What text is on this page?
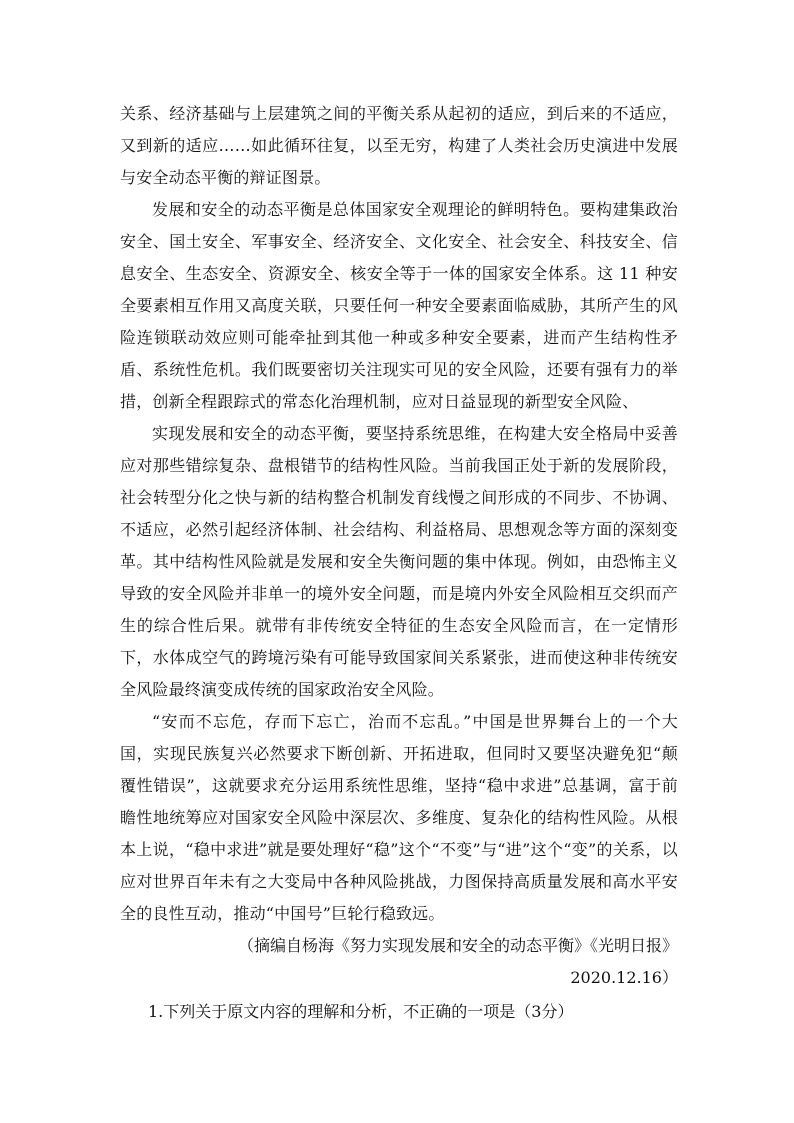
关系、经济基础与上层建筑之间的平衡关系从起初的适应，到后来的不适应，又到新的适应……如此循环往复，以至无穷，构建了人类社会历史演进中发展与安全动态平衡的辩证图景。

发展和安全的动态平衡是总体国家安全观理论的鲜明特色。要构建集政治安全、国土安全、军事安全、经济安全、文化安全、社会安全、科技安全、信息安全、生态安全、资源安全、核安全等于一体的国家安全体系。这 11 种安全要素相互作用又高度关联，只要任何一种安全要素面临威胁，其所产生的风险连锁联动效应则可能牵扯到其他一种或多种安全要素，进而产生结构性矛盾、系统性危机。我们既要密切关注现实可见的安全风险，还要有强有力的举措，创新全程跟踪式的常态化治理机制，应对日益显现的新型安全风险、

实现发展和安全的动态平衡，要坚持系统思维，在构建大安全格局中妥善应对那些错综复杂、盘根错节的结构性风险。当前我国正处于新的发展阶段，社会转型分化之快与新的结构整合机制发育线慢之间形成的不同步、不协调、不适应，必然引起经济体制、社会结构、利益格局、思想观念等方面的深刻变革。其中结构性风险就是发展和安全失衡问题的集中体现。例如，由恐怖主义导致的安全风险并非单一的境外安全问题，而是境内外安全风险相互交织而产生的综合性后果。就带有非传统安全特征的生态安全风险而言，在一定情形下，水体成空气的跨境污染有可能导致国家间关系紧张，进而使这种非传统安全风险最终演变成传统的国家政治安全风险。

“安而不忘危，存而下忘亡，治而不忘乱。”中国是世界舞台上的一个大国，实现民族复兴必然要求下断创新、开拓进取，但同时又要坚决避免犯“颠覆性错误”，这就要求充分运用系统性思维，坚持“稳中求进”总基调，富于前瞻性地统筹应对国家安全风险中深层次、多维度、复杂化的结构性风险。从根本上说，“稳中求进”就是要处理好“稳”这个“不变”与“进”这个“变”的关系，以应对世界百年未有之大变局中各种风险挑战，力图保持高质量发展和高水平安全的良性互动，推动“中国号”巨轮行稳致远。

（摘编自杨海《努力实现发展和安全的动态平衡》《光明日报》

2020.12.16）

1.下列关于原文内容的理解和分析，不正确的一项是（3分）
